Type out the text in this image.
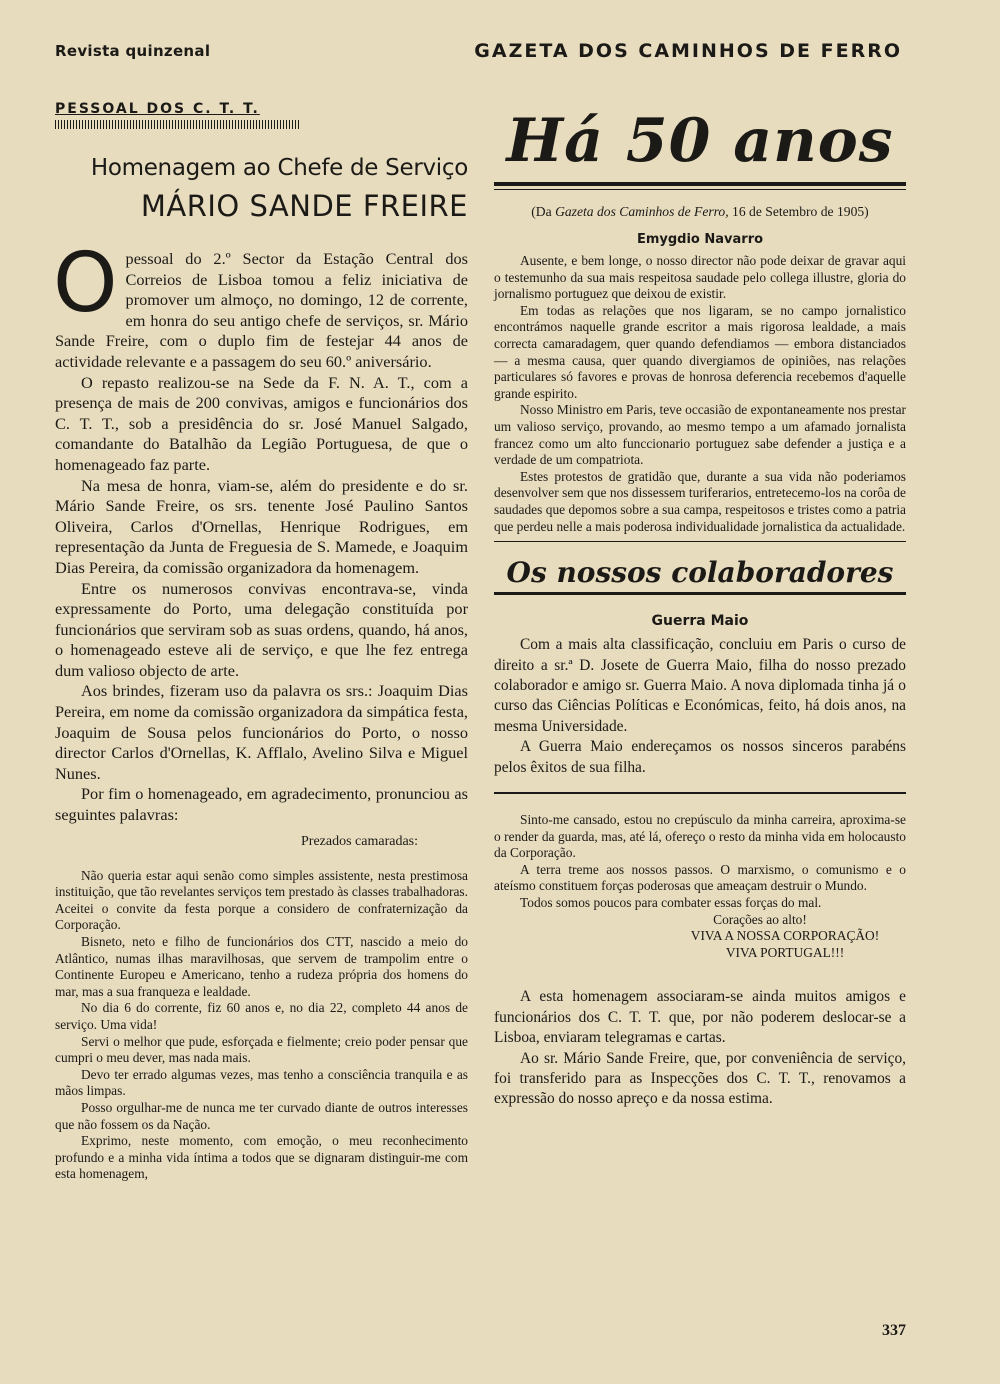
Revista quinzenal	GAZETA DOS CAMINHOS DE FERRO
PESSOAL DOS C. T. T.
Homenagem ao Chefe de Serviço
MÁRIO SANDE FREIRE

Opessoal do 2.º Sector da Estação Central dos Correios de Lisboa tomou a feliz iniciativa de promover um almoço, no domingo, 12 de corrente, em honra do seu antigo chefe de serviços, sr. Mário Sande Freire, com o duplo fim de festejar 44 anos de actividade relevante e a passagem do seu 60.º aniversário.

O repasto realizou-se na Sede da F. N. A. T., com a presença de mais de 200 convivas, amigos e funcionários dos C. T. T., sob a presidência do sr. José Manuel Salgado, comandante do Batalhão da Legião Portuguesa, de que o homenageado faz parte.

Na mesa de honra, viam-se, além do presidente e do sr. Mário Sande Freire, os srs. tenente José Paulino Santos Oliveira, Carlos d'Ornellas, Henrique Rodrigues, em representação da Junta de Freguesia de S. Mamede, e Joaquim Dias Pereira, da comissão organizadora da homenagem.

Entre os numerosos convivas encontrava-se, vinda expressamente do Porto, uma delegação constituída por funcionários que serviram sob as suas ordens, quando, há anos, o homenageado esteve ali de serviço, e que lhe fez entrega dum valioso objecto de arte.

Aos brindes, fizeram uso da palavra os srs.: Joaquim Dias Pereira, em nome da comissão organizadora da simpática festa, Joaquim de Sousa pelos funcionários do Porto, o nosso director Carlos d'Ornellas, K. Afflalo, Avelino Silva e Miguel Nunes.

Por fim o homenageado, em agradecimento, pronunciou as seguintes palavras:

Prezados camaradas:

Não queria estar aqui senão como simples assistente, nesta prestimosa instituição, que tão revelantes serviços tem prestado às classes trabalhadoras. Aceitei o convite da festa porque a considero de confraternização da Corporação.

Bisneto, neto e filho de funcionários dos CTT, nascido a meio do Atlântico, numas ilhas maravilhosas, que servem de trampolim entre o Continente Europeu e Americano, tenho a rudeza própria dos homens do mar, mas a sua franqueza e lealdade.

No dia 6 do corrente, fiz 60 anos e, no dia 22, completo 44 anos de serviço. Uma vida!

Servi o melhor que pude, esforçada e fielmente; creio poder pensar que cumpri o meu dever, mas nada mais.

Devo ter errado algumas vezes, mas tenho a consciência tranquila e as mãos limpas.

Posso orgulhar-me de nunca me ter curvado diante de outros interesses que não fossem os da Nação.

Exprimo, neste momento, com emoção, o meu reconhecimento profundo e a minha vida íntima a todos que se dignaram distinguir-me com esta homenagem,

Há 50 anos
(Da Gazeta dos Caminhos de Ferro, 16 de Setembro de 1905)
Emygdio Navarro

Ausente, e bem longe, o nosso director não pode deixar de gravar aqui o testemunho da sua mais respeitosa saudade pelo collega illustre, gloria do jornalismo portuguez que deixou de existir.

Em todas as relações que nos ligaram, se no campo jornalistico encontrámos naquelle grande escritor a mais rigorosa lealdade, a mais correcta camaradagem, quer quando defendiamos — embora distanciados — a mesma causa, quer quando divergiamos de opiniões, nas relações particulares só favores e provas de honrosa deferencia recebemos d'aquelle grande espirito.

Nosso Ministro em Paris, teve occasião de expontaneamente nos prestar um valioso serviço, provando, ao mesmo tempo a um afamado jornalista francez como um alto funccionario portuguez sabe defender a justiça e a verdade de um compatriota.

Estes protestos de gratidão que, durante a sua vida não poderiamos desenvolver sem que nos dissessem turiferarios, entretecemo-los na corôa de saudades que depomos sobre a sua campa, respeitosos e tristes como a patria que perdeu nelle a mais poderosa individualidade jornalistica da actualidade.

Os nossos colaboradores
Guerra Maio

Com a mais alta classificação, concluiu em Paris o curso de direito a sr.ª D. Josete de Guerra Maio, filha do nosso prezado colaborador e amigo sr. Guerra Maio. A nova diplomada tinha já o curso das Ciências Políticas e Económicas, feito, há dois anos, na mesma Universidade.

A Guerra Maio endereçamos os nossos sinceros parabéns pelos êxitos de sua filha.

Sinto-me cansado, estou no crepúsculo da minha carreira, aproxima-se o render da guarda, mas, até lá, ofereço o resto da minha vida em holocausto da Corporação.

A terra treme aos nossos passos. O marxismo, o comunismo e o ateísmo constituem forças poderosas que ameaçam destruir o Mundo.

Todos somos poucos para combater essas forças do mal.

Corações ao alto!
VIVA A NOSSA CORPORAÇÃO!
VIVA PORTUGAL!!!

A esta homenagem associaram-se ainda muitos amigos e funcionários dos C. T. T. que, por não poderem deslocar-se a Lisboa, enviaram telegramas e cartas.

Ao sr. Mário Sande Freire, que, por conveniência de serviço, foi transferido para as Inspecções dos C. T. T., renovamos a expressão do nosso apreço e da nossa estima.

337
